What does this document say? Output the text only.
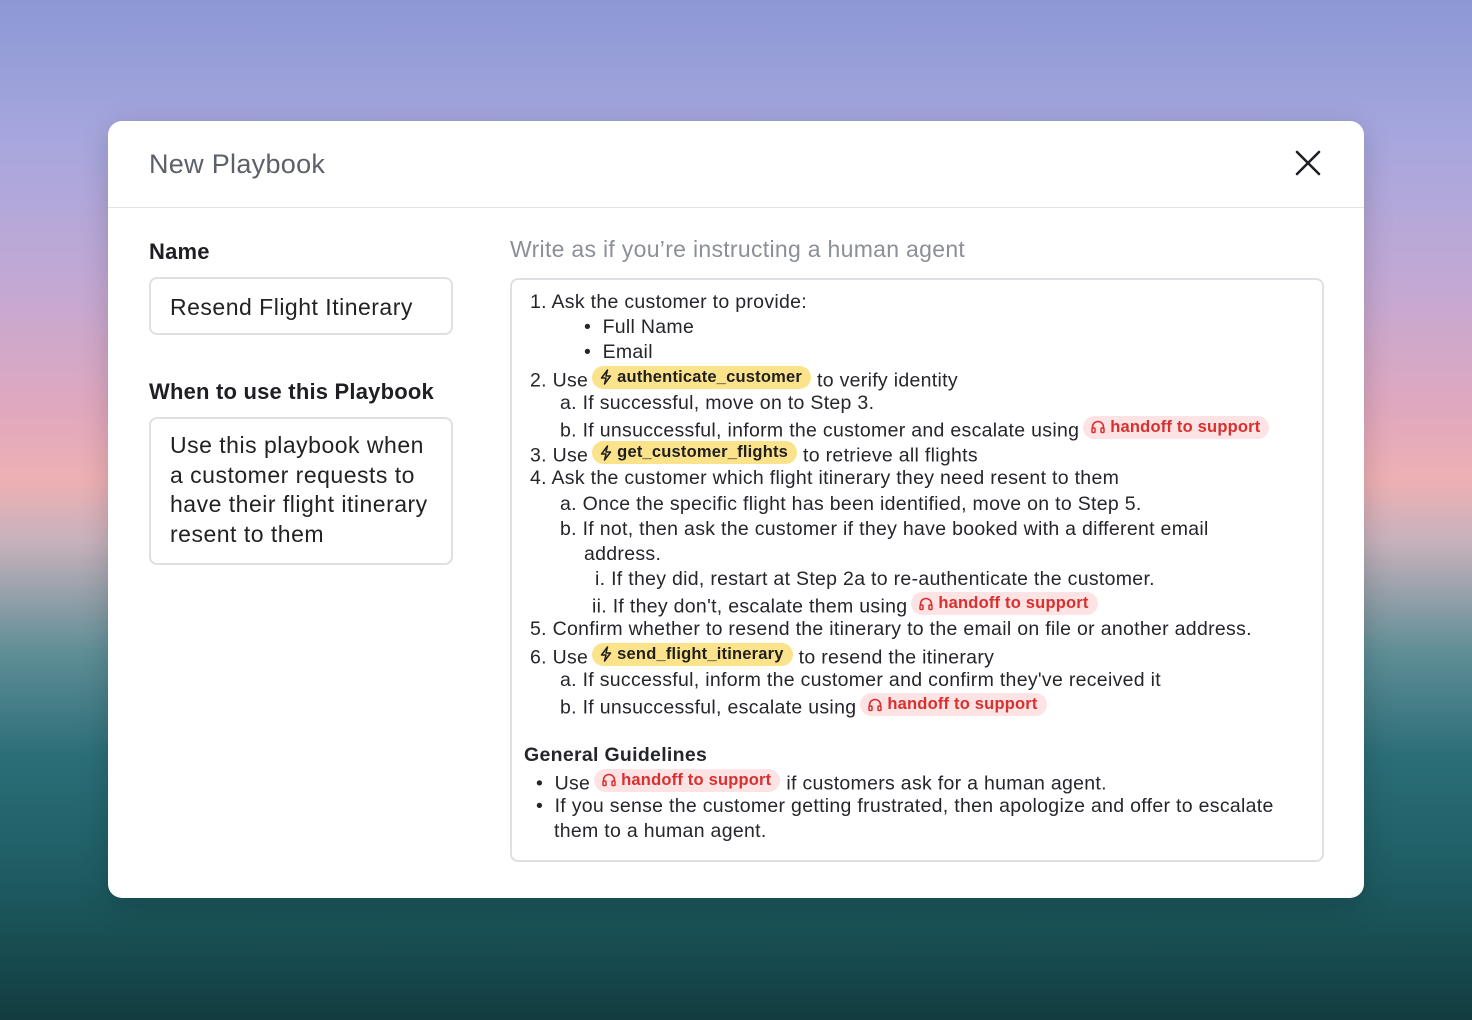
New Playbook
Name
Resend Flight Itinerary
When to use this Playbook
Use this playbook when a customer requests to have their flight itinerary resent to them
Write as if you’re instructing a human agent
1. Ask the customer to provide:
•  Full Name
•  Email
2. Use authenticate_customer to verify identity
a. If successful, move on to Step 3.
b. If unsuccessful, inform the customer and escalate using handoff to support
3. Use get_customer_flights to retrieve all flights
4. Ask the customer which flight itinerary they need resent to them
a. Once the specific flight has been identified, move on to Step 5.
b. If not, then ask the customer if they have booked with a different email
address.
i. If they did, restart at Step 2a to re-authenticate the customer.
ii. If they don't, escalate them using handoff to support
5. Confirm whether to resend the itinerary to the email on file or another address.
6. Use send_flight_itinerary to resend the itinerary
a. If successful, inform the customer and confirm they've received it
b. If unsuccessful, escalate using handoff to support
General Guidelines
•  Use handoff to support if customers ask for a human agent.
•  If you sense the customer getting frustrated, then apologize and offer to escalate
them to a human agent.
